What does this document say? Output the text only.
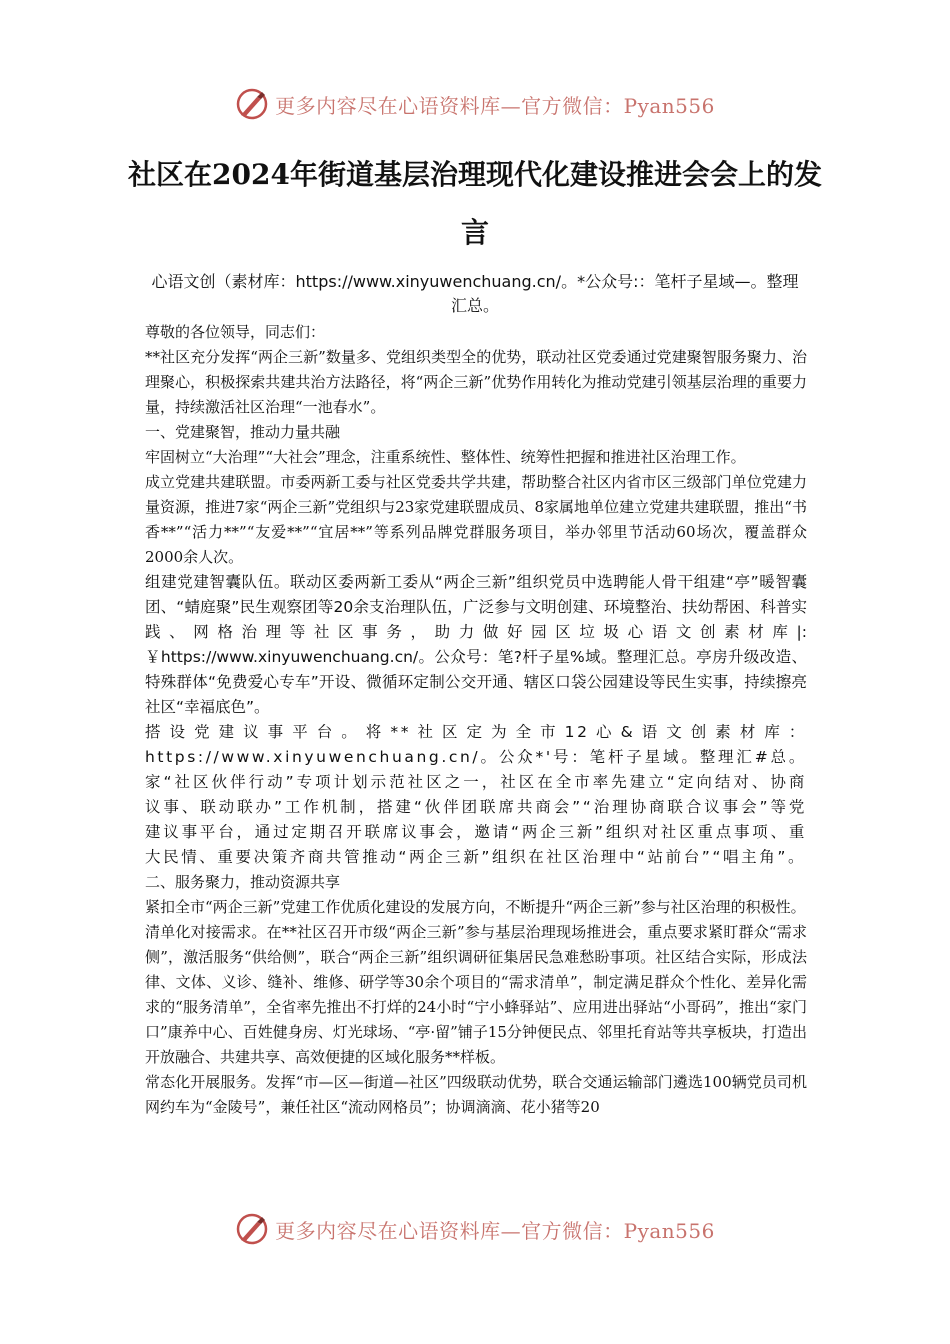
更多内容尽在心语资料库—官方微信：Pyan556
社区在2024年街道基层治理现代化建设推进会会上的发言
心语文创（素材库：https://www.xinyuwenchuang.cn/。*公众号:：笔杆子星域—。整理汇总。

尊敬的各位领导，同志们：

**社区充分发挥“两企三新”数量多、党组织类型全的优势，联动社区党委通过党建聚智服务聚力、治理聚心，积极探索共建共治方法路径，将“两企三新”优势作用转化为推动党建引领基层治理的重要力量，持续激活社区治理“一池春水”。

一、党建聚智，推动力量共融

牢固树立“大治理”“大社会”理念，注重系统性、整体性、统筹性把握和推进社区治理工作。

成立党建共建联盟。市委两新工委与社区党委共学共建，帮助整合社区内省市区三级部门单位党建力量资源，推进7家“两企三新”党组织与23家党建联盟成员、8家属地单位建立党建共建联盟，推出“书香**”“活力**”“友爱**”“宜居**”等系列品牌党群服务项目，举办邻里节活动60场次，覆盖群众2000余人次。

组建党建智囊队伍。联动区委两新工委从“两企三新”组织党员中选聘能人骨干组建“亭”暖智囊团、“蜻庭聚”民生观察团等20余支治理队伍，广泛参与文明创建、环境整治、扶幼帮困、科普实践、网格治理等社区事务，助力做好园区垃圾心语文创素材库|:￥https://www.xinyuwenchuang.cn/。公众号：笔?杆子星%域。整理汇总。亭房升级改造、特殊群体“免费爱心专车”开设、微循环定制公交开通、辖区口袋公园建设等民生实事，持续擦亮社区“幸福底色”。

搭设党建议事平台。将**社区定为全市12心&语文创素材库：https://www.xinyuwenchuang.cn/。公众*'号：笔杆子星域。整理汇#总。家“社区伙伴行动”专项计划示范社区之一，社区在全市率先建立“定向结对、协商议事、联动联办”工作机制，搭建“伙伴团联席共商会”“治理协商联合议事会”等党建议事平台，通过定期召开联席议事会，邀请“两企三新”组织对社区重点事项、重大民情、重要决策齐商共管推动“两企三新”组织在社区治理中“站前台”“唱主角”。

二、服务聚力，推动资源共享

紧扣全市“两企三新”党建工作优质化建设的发展方向，不断提升“两企三新”参与社区治理的积极性。

清单化对接需求。在**社区召开市级“两企三新”参与基层治理现场推进会，重点要求紧盯群众“需求侧”，激活服务“供给侧”，联合“两企三新”组织调研征集居民急难愁盼事项。社区结合实际，形成法律、文体、义诊、缝补、维修、研学等30余个项目的“需求清单”，制定满足群众个性化、差异化需求的“服务清单”，全省率先推出不打烊的24小时“宁小蜂驿站”、应用进出驿站“小哥码”，推出“家门口”康养中心、百姓健身房、灯光球场、“亭·留”铺子15分钟便民点、邻里托育站等共享板块，打造出开放融合、共建共享、高效便捷的区域化服务**样板。

常态化开展服务。发挥“市—区—街道—社区”四级联动优势，联合交通运输部门遴选100辆党员司机网约车为“金陵号”，兼任社区“流动网格员”；协调滴滴、花小猪等20

更多内容尽在心语资料库—官方微信：Pyan556
